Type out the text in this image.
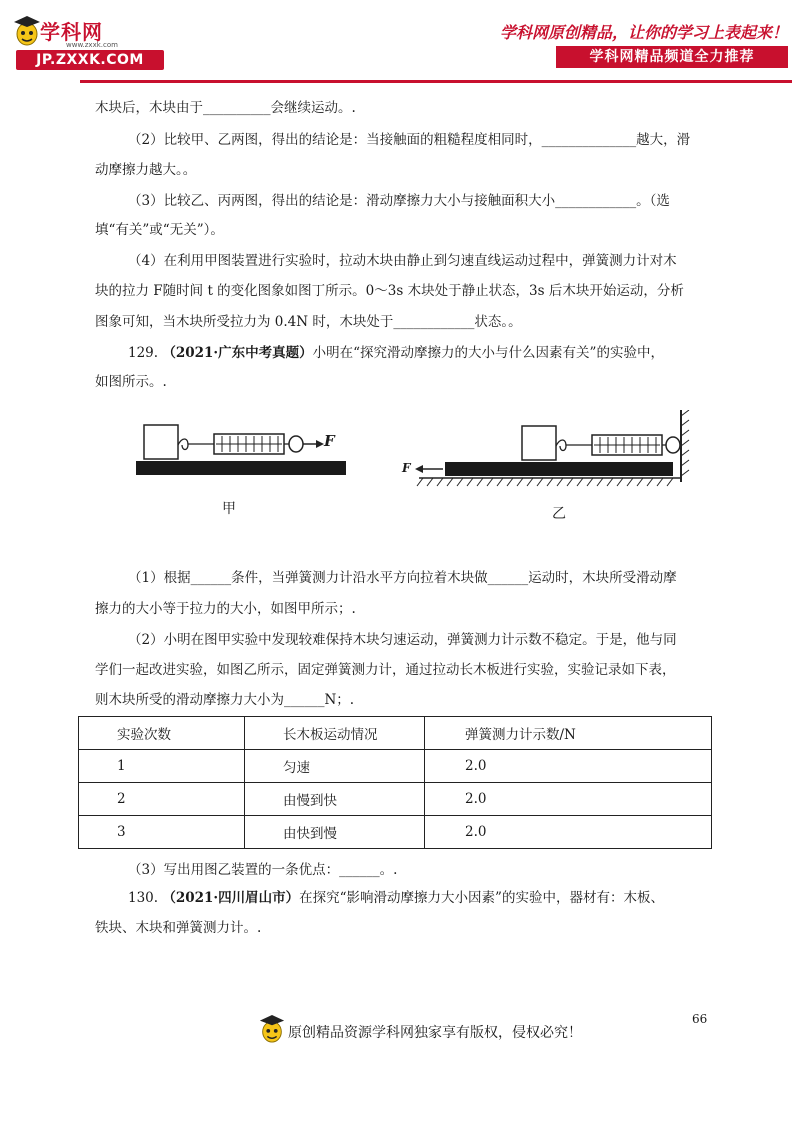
学科网
www.zxxk.com
JP.ZXXK.COM
学科网原创精品，让你的学习上表起来！
学科网精品频道全力推荐
木块后，木块由于__________会继续运动。.
（2）比较甲、乙两图，得出的结论是：当接触面的粗糙程度相同时，______________越大，滑
动摩擦力越大。。
（3）比较乙、丙两图，得出的结论是：滑动摩擦力大小与接触面积大小____________。（选
填“有关”或“无关”）。
（4）在利用甲图装置进行实验时，拉动木块由静止到匀速直线运动过程中，弹簧测力计对木
块的拉力 F随时间 t 的变化图象如图丁所示。0～3s 木块处于静止状态，3s 后木块开始运动，分析
图象可知，当木块所受拉力为 0.4N 时，木块处于____________状态。。
129. （2021·广东中考真题）小明在“探究滑动摩擦力的大小与什么因素有关”的实验中，
如图所示。.
F
甲
F
乙
（1）根据______条件，当弹簧测力计沿水平方向拉着木块做______运动时，木块所受滑动摩
擦力的大小等于拉力的大小，如图甲所示；.
（2）小明在图甲实验中发现较难保持木块匀速运动，弹簧测力计示数不稳定。于是，他与同
学们一起改进实验，如图乙所示，固定弹簧测力计，通过拉动长木板进行实验，实验记录如下表，
则木块所受的滑动摩擦力大小为______N；.
实验次数	长木板运动情况	弹簧测力计示数/N
1	匀速	2.0
2	由慢到快	2.0
3	由快到慢	2.0
（3）写出用图乙装置的一条优点：______。.
130. （2021·四川眉山市）在探究“影响滑动摩擦力大小因素”的实验中，器材有：木板、
铁块、木块和弹簧测力计。.
66
原创精品资源学科网独家享有版权，侵权必究！
